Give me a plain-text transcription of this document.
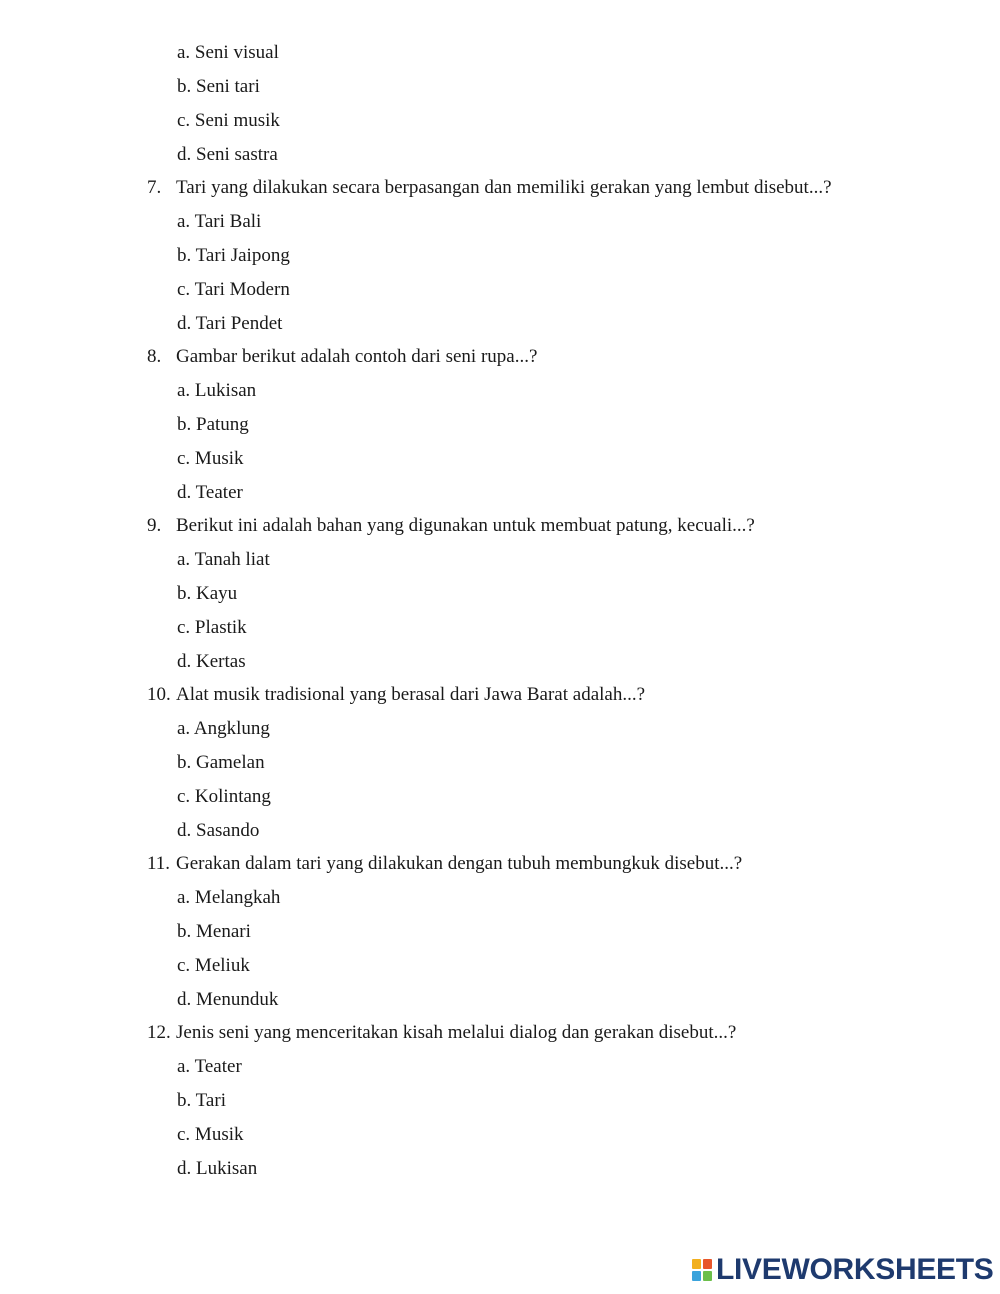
a. Seni visual
b. Seni tari
c. Seni musik
d. Seni sastra
7. Tari yang dilakukan secara berpasangan dan memiliki gerakan yang lembut disebut...?
a. Tari Bali
b. Tari Jaipong
c. Tari Modern
d. Tari Pendet
8. Gambar berikut adalah contoh dari seni rupa...?
a. Lukisan
b. Patung
c. Musik
d. Teater
9. Berikut ini adalah bahan yang digunakan untuk membuat patung, kecuali...?
a. Tanah liat
b. Kayu
c. Plastik
d. Kertas
10. Alat musik tradisional yang berasal dari Jawa Barat adalah...?
a. Angklung
b. Gamelan
c. Kolintang
d. Sasando
11. Gerakan dalam tari yang dilakukan dengan tubuh membungkuk disebut...?
a. Melangkah
b. Menari
c. Meliuk
d. Menunduk
12. Jenis seni yang menceritakan kisah melalui dialog dan gerakan disebut...?
a. Teater
b. Tari
c. Musik
d. Lukisan
LIVEWORKSHEETS
